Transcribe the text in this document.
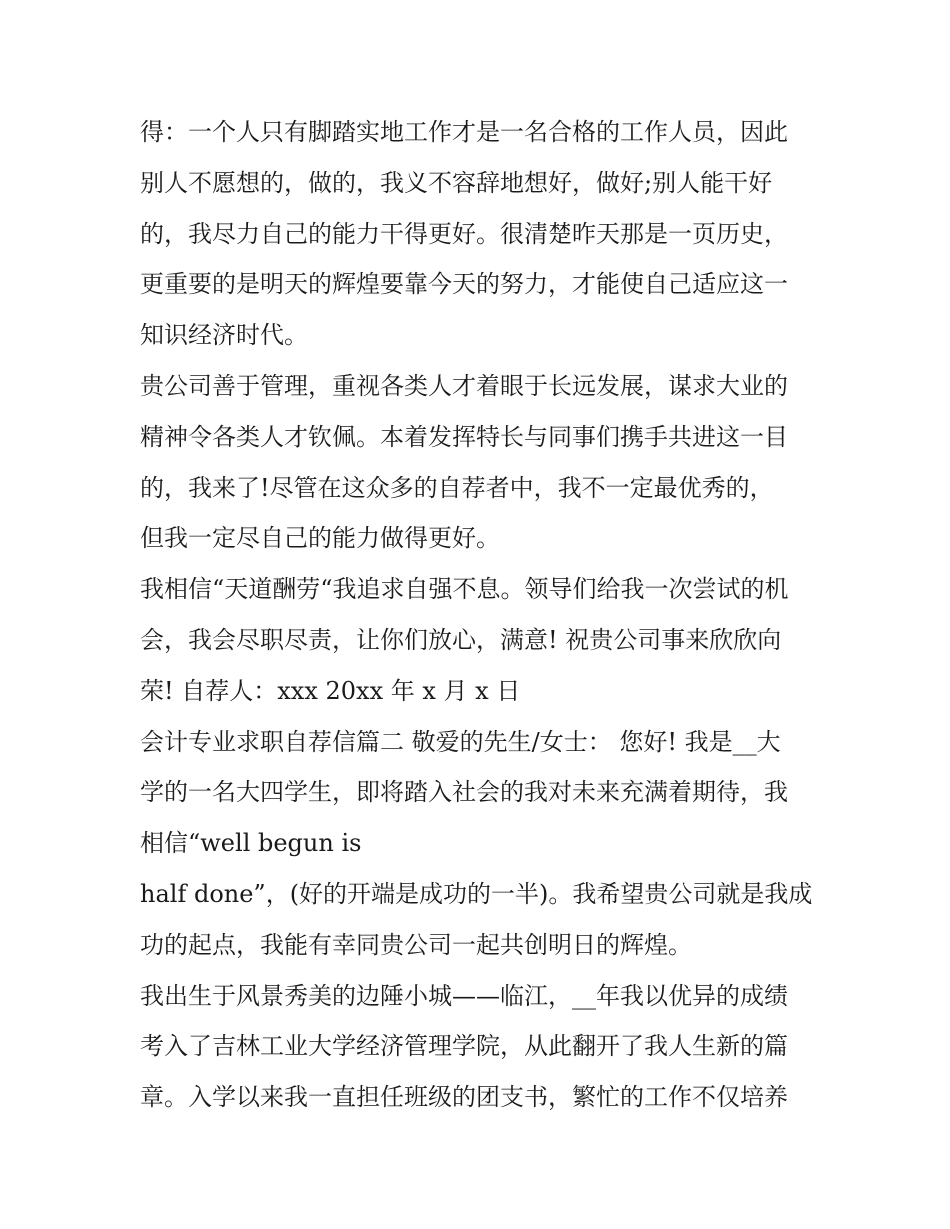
得：一个人只有脚踏实地工作才是一名合格的工作人员，因此
别人不愿想的，做的，我义不容辞地想好，做好;别人能干好
的，我尽力自己的能力干得更好。很清楚昨天那是一页历史，
更重要的是明天的辉煌要靠今天的努力，才能使自己适应这一
知识经济时代。
贵公司善于管理，重视各类人才着眼于长远发展，谋求大业的
精神令各类人才钦佩。本着发挥特长与同事们携手共进这一目
的，我来了!尽管在这众多的自荐者中，我不一定最优秀的，
但我一定尽自己的能力做得更好。
我相信“天道酬劳“我追求自强不息。领导们给我一次尝试的机
会，我会尽职尽责，让你们放心，满意! 祝贵公司事来欣欣向
荣! 自荐人：xxx 20xx 年 x 月 x 日
会计专业求职自荐信篇二 敬爱的先生/女士： 您好! 我是__大
学的一名大四学生，即将踏入社会的我对未来充满着期待，我
相信“well begun is
half done”，(好的开端是成功的一半)。我希望贵公司就是我成
功的起点，我能有幸同贵公司一起共创明日的辉煌。
我出生于风景秀美的边陲小城——临江，__年我以优异的成绩
考入了吉林工业大学经济管理学院，从此翻开了我人生新的篇
章。入学以来我一直担任班级的团支书，繁忙的工作不仅培养
